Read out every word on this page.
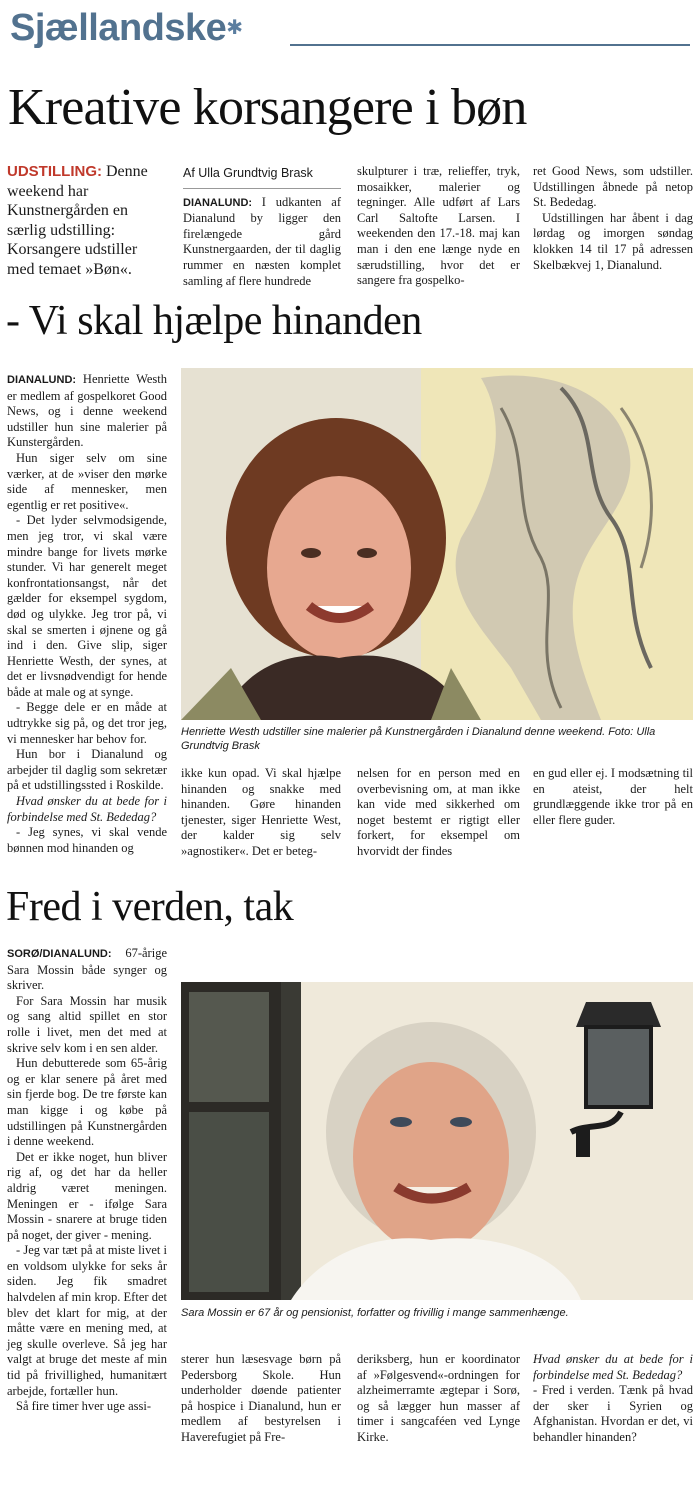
Sjællandske✱
Kreative korsangere i bøn
UDSTILLING: Denne weekend har Kunstnergården en særlig udstilling: Korsangere udstiller med temaet »Bøn«.

Af Ulla Grundtvig Brask

DIANALUND: I udkanten af Dianalund by ligger den firelængede gård Kunstnergaarden, der til daglig rummer en næsten komplet samling af flere hundrede

skulpturer i træ, relieffer, tryk, mosaikker, malerier og tegninger. Alle udført af Lars Carl Saltofte Larsen. I weekenden den 17.-18. maj kan man i den ene længe nyde en særudstilling, hvor det er sangere fra gospelko-

ret Good News, som udstiller. Udstillingen åbnede på netop St. Bededag.

Udstillingen har åbent i dag lørdag og imorgen søndag klokken 14 til 17 på adressen Skelbækvej 1, Dianalund.

- Vi skal hjælpe hinanden

DIANALUND: Henriette Westh er medlem af gospelkoret Good News, og i denne weekend udstiller hun sine malerier på Kunstergården.

Hun siger selv om sine værker, at de »viser den mørke side af mennesker, men egentlig er ret positive«.

- Det lyder selvmodsigende, men jeg tror, vi skal være mindre bange for livets mørke stunder. Vi har generelt meget konfrontationsangst, når det gælder for eksempel sygdom, død og ulykke. Jeg tror på, vi skal se smerten i øjnene og gå ind i den. Give slip, siger Henriette Westh, der synes, at det er livsnødvendigt for hende både at male og at synge.

- Begge dele er en måde at udtrykke sig på, og det tror jeg, vi mennesker har behov for.

Hun bor i Dianalund og arbejder til daglig som sekretær på et udstillingssted i Roskilde.

Hvad ønsker du at bede for i forbindelse med St. Bededag?

- Jeg synes, vi skal vende bønnen mod hinanden og

Henriette Westh udstiller sine malerier på Kunstnergården i Dianalund denne weekend. Foto: Ulla Grundtvig Brask

ikke kun opad. Vi skal hjælpe hinanden og snakke med hinanden. Gøre hinanden tjenester, siger Henriette West, der kalder sig selv »agnostiker«. Det er beteg-

nelsen for en person med en overbevisning om, at man ikke kan vide med sikkerhed om noget bestemt er rigtigt eller forkert, for eksempel om hvorvidt der findes

en gud eller ej. I modsætning til en ateist, der helt grundlæggende ikke tror på en eller flere guder.

Fred i verden, tak

SORØ/DIANALUND: 67-årige Sara Mossin både synger og skriver.

For Sara Mossin har musik og sang altid spillet en stor rolle i livet, men det med at skrive selv kom i en sen alder.

Hun debutterede som 65-årig og er klar senere på året med sin fjerde bog. De tre første kan man kigge i og købe på udstillingen på Kunstnergården i denne weekend.

Det er ikke noget, hun bliver rig af, og det har da heller aldrig været meningen. Meningen er - ifølge Sara Mossin - snarere at bruge tiden på noget, der giver - mening.

- Jeg var tæt på at miste livet i en voldsom ulykke for seks år siden. Jeg fik smadret halvdelen af min krop. Efter det blev det klart for mig, at der måtte være en mening med, at jeg skulle overleve. Så jeg har valgt at bruge det meste af min tid på frivillighed, humanitært arbejde, fortæller hun.

Så fire timer hver uge assi-

Sara Mossin er 67 år og pensionist, forfatter og frivillig i mange sammenhænge.

sterer hun læsesvage børn på Pedersborg Skole. Hun underholder døende patienter på hospice i Dianalund, hun er medlem af bestyrelsen i Haverefugiet på Fre-

deriksberg, hun er koordinator af »Følgesvend«-ordningen for alzheimerramte ægtepar i Sorø, og så lægger hun masser af timer i sangcaféen ved Lynge Kirke.

Hvad ønsker du at bede for i forbindelse med St. Bededag?

- Fred i verden. Tænk på hvad der sker i Syrien og Afghanistan. Hvordan er det, vi behandler hinanden?
